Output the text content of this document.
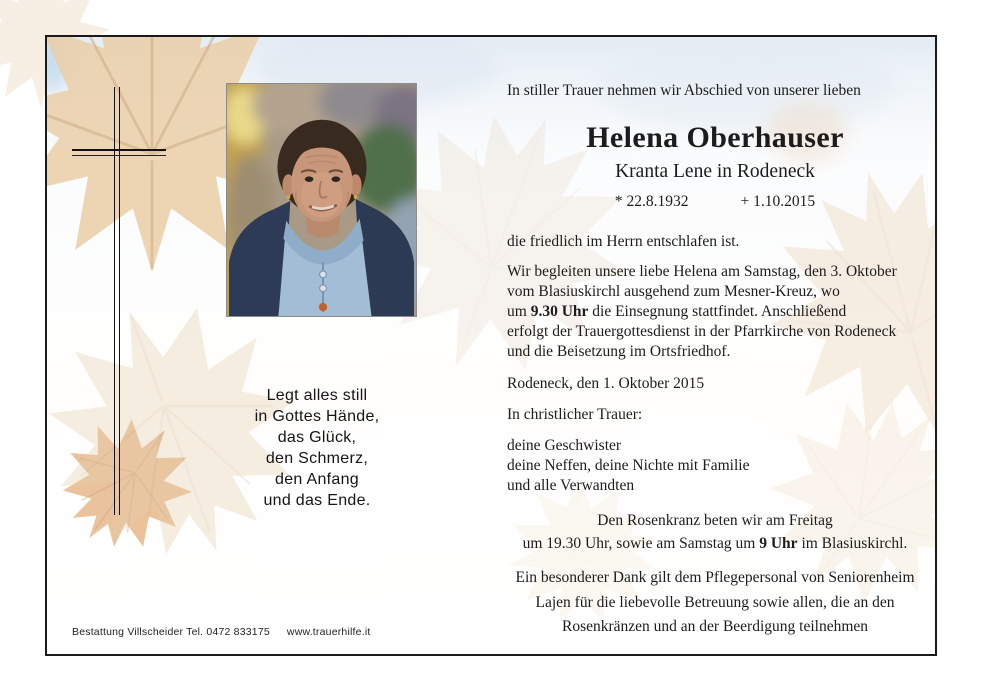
Legt alles still
in Gottes Hände,
das Glück,
den Schmerz,
den Anfang
und das Ende.

In stiller Trauer nehmen wir Abschied von unserer lieben

Helena Oberhauser

Kranta Lene in Rodeneck

* 22.8.1932	+ 1.10.2015

die friedlich im Herrn entschlafen ist.

Wir begleiten unsere liebe Helena am Samstag, den 3. Oktober
vom Blasiuskirchl ausgehend zum Mesner-Kreuz, wo
um 9.30 Uhr die Einsegnung stattfindet. Anschließend
erfolgt der Trauergottesdienst in der Pfarrkirche von Rodeneck
und die Beisetzung im Ortsfriedhof.

Rodeneck, den 1. Oktober 2015

In christlicher Trauer:

deine Geschwister
deine Neffen, deine Nichte mit Familie
und alle Verwandten

Den Rosenkranz beten wir am Freitag
um 19.30 Uhr, sowie am Samstag um 9 Uhr im Blasiuskirchl.

Ein besonderer Dank gilt dem Pflegepersonal von Seniorenheim
Lajen für die liebevolle Betreuung sowie allen, die an den
Rosenkränzen und an der Beerdigung teilnehmen

Bestattung Villscheider Tel. 0472 833175 www.trauerhilfe.it
